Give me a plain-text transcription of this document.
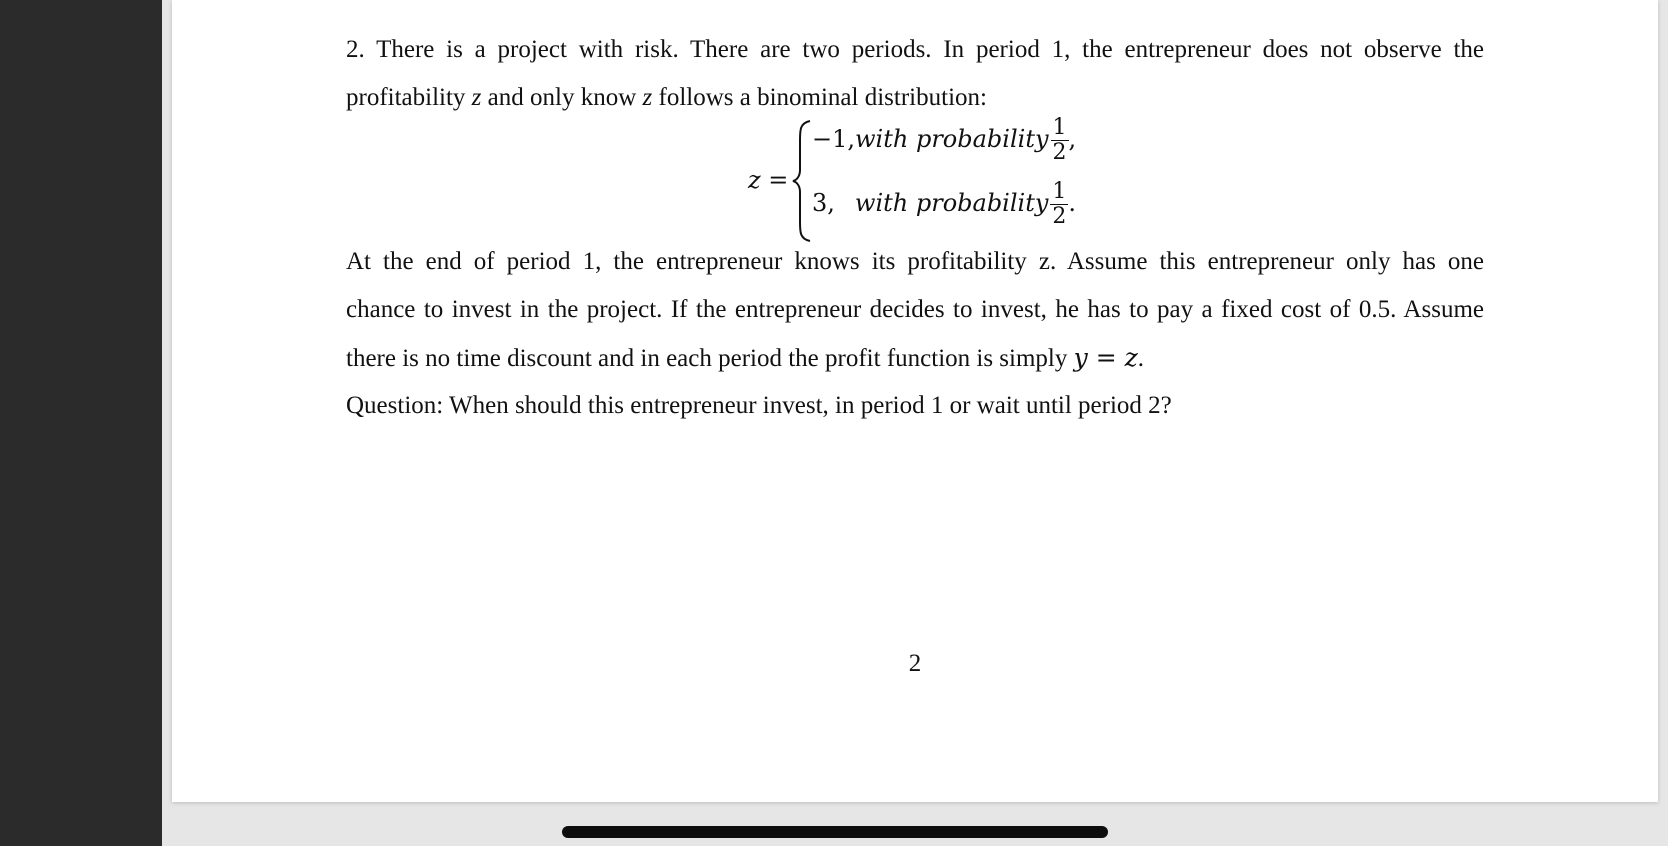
2. There is a project with risk. There are two periods. In period 1, the entrepreneur does not observe the
profitability z and only know z follows a binominal distribution:
z =
−1,with probability $\frac{1}{2}$ ,
3, with probability $\frac{1}{2}$ .
At the end of period 1, the entrepreneur knows its profitability z. Assume this entrepreneur only has one
chance to invest in the project. If the entrepreneur decides to invest, he has to pay a fixed cost of 0.5. Assume
there is no time discount and in each period the profit function is simply y = z.
Question: When should this entrepreneur invest, in period 1 or wait until period 2?
2
